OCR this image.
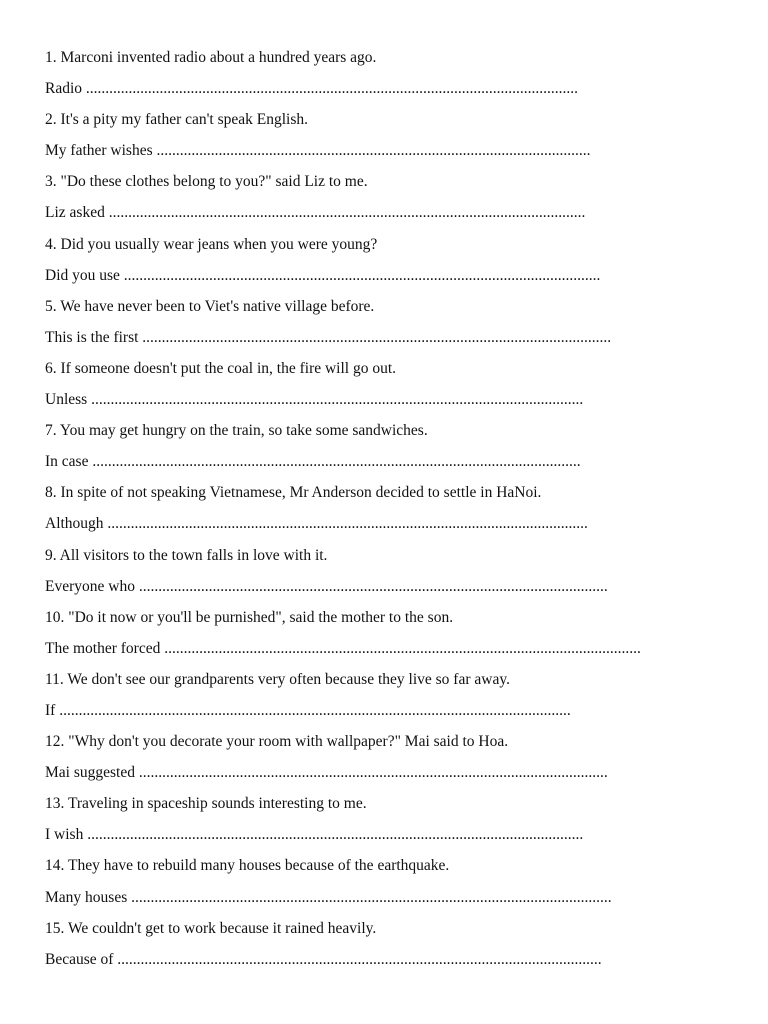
1. Marconi invented radio about a hundred years ago.
Radio ...............................................................................................................................
2. It's a pity my father can't speak English.
My father wishes ................................................................................................................
3. "Do these clothes belong to you?" said Liz to me.
Liz asked ...........................................................................................................................
4. Did you usually wear jeans when you were young?
Did you use ...........................................................................................................................
5. We have never been to Viet's native village before.
This is the first .........................................................................................................................
6. If someone doesn't put the coal in, the fire will go out.
Unless ...............................................................................................................................
7. You may get hungry on the train, so take some sandwiches.
In case ..............................................................................................................................
8. In spite of not speaking Vietnamese, Mr Anderson decided to settle in HaNoi.
Although ............................................................................................................................
9. All visitors to the town falls in love with it.
Everyone who .........................................................................................................................
10. "Do it now or you'll be purnished", said the mother to the son.
The mother forced ...........................................................................................................................
11. We don't see our grandparents very often because they live so far away.
If ....................................................................................................................................
12. "Why don't you decorate your room with wallpaper?" Mai said to Hoa.
Mai suggested .........................................................................................................................
13. Traveling in spaceship sounds interesting to me.
I wish ................................................................................................................................
14. They have to rebuild many houses because of the earthquake.
Many houses ............................................................................................................................
15. We couldn't get to work because it rained heavily.
Because of .............................................................................................................................
